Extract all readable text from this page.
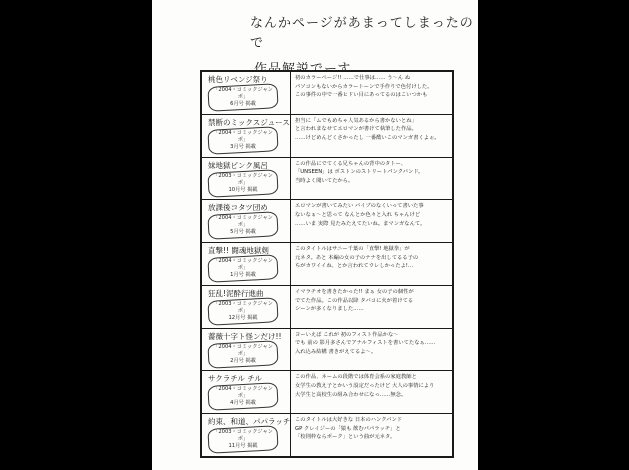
なんかページがあまってしまったので
桃色リベンジ祭り
「2004・コミックジャンボ」
6月号 掲載
初のカラーページ!! ……で仕事は…… う〜ん ぬ
パソコンもないからカラートーンで手作りで色付けした。
この事件の中で一番ヒドい目にあってるのはこいつかも
禁断のミックスジュース
「2004・コミックジャンボ」
3月号 掲載
担当に「ムでもめちゃ人気あるから書かないとね」
と言われまなせてエロマンが書けて執筆した作品。
……けどめんどくさかったし 一番酷いこのマンガ書くよぉ。
妹地獄ピンク風呂
「2003・コミックジャンボ」
10月号 掲載
この作品にでてくる兄ちゃんの背中のタトー、
「UNSEEN」は ボストンのストリートパンクバンド。
当時よく聞いてたから。
放課後コタツ団め
「2004・コミックジャンボ」
5月号 掲載
エロマンが書いてみたい バイブのなくいって書いた事
ないなぁ～と思って なんとか色々と入れ ちゃんけど
……いま 実際 見たみたえてたいね。まマンガなんて。
直撃!! 闘魂地獄剣
「2004・コミックジャンボ」
1月号 掲載
このタイトルはサニー千葉の「直撃! 地獄拳」が
元ネタ。あと 本編の女の子のナナを出してるる子の
ちがカワイイね、とか言われてウレしかったよ!…
狂乱!泥酔行進曲
「2003・コミックジャンボ」
12月号 掲載
イマラチオを書きたかった!! まぁ 女の子の個性が
でてた作品。この作品以降 タバコに火が着けてる
シーンが多くなりました……
薔薇十字ト怪ンだけ!!
「2004・コミックジャンボ」
2月号 掲載
ヨーいえば これが 初のフィスト作品かな〜
でも 前の 影月多さんでアナルフィストを書いてたなぁ……
入れ込み結構 書きがえてるよ〜。
サクラチル チル
「2004・コミックジャンボ」
4月号 掲載
この作品、ネームの段階では体育会系の家庭教師と
女学生の教え子とかいう設定だったけど 大人の事情により
大学生と高校生の組み合わせになっ……無念。
約束、和道、パパラッチ
「2003・コミックジャンボ」
11月号 掲載
このタイトルは大好きな 日本のハンクバンド
GP クレイジーの「猿も 飲むパパラッチ」と
「校則枠ならポーク」という曲が元ネタ。
